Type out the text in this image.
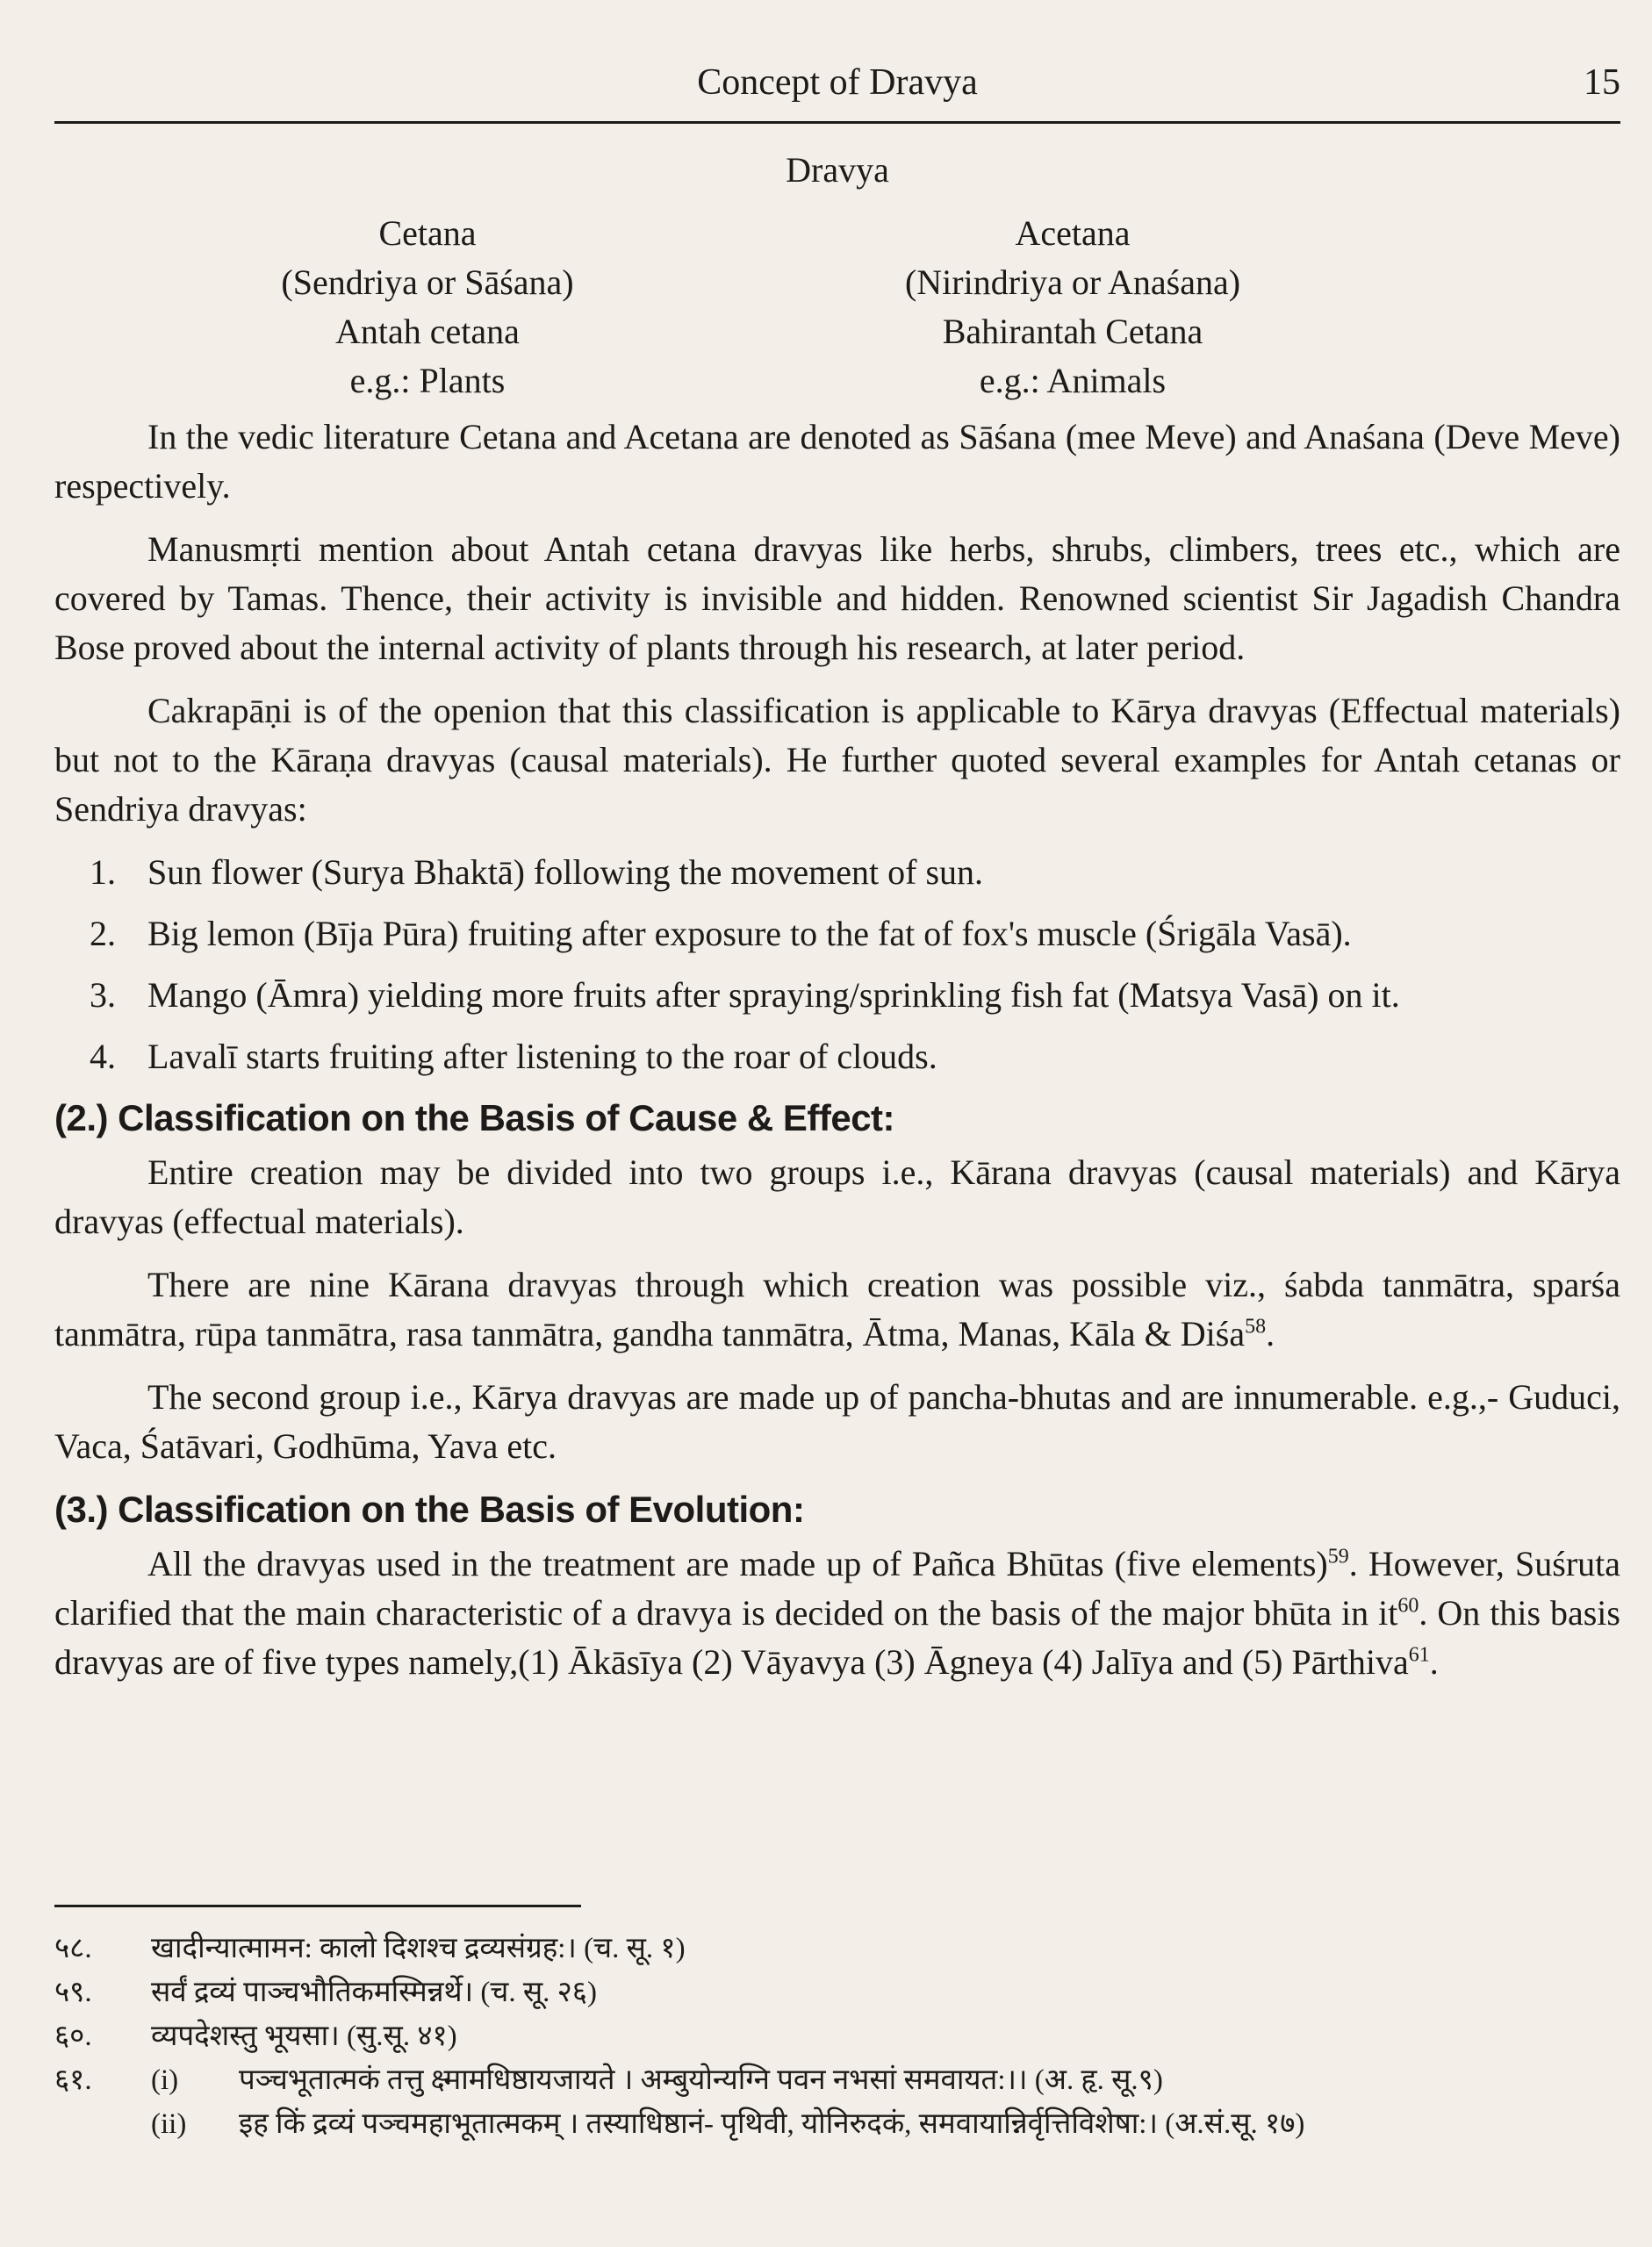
Concept of Dravya	15
Dravya
Cetana
(Sendriya or Sāśana)
Antah cetana
e.g.: Plants
Acetana
(Nirindriya or Anaśana)
Bahirantah Cetana
e.g.: Animals

In the vedic literature Cetana and Acetana are denoted as Sāśana (mee Meve) and Anaśana (Deve Meve) respectively.

Manusmṛti mention about Antah cetana dravyas like herbs, shrubs, climbers, trees etc., which are covered by Tamas. Thence, their activity is invisible and hidden. Renowned scientist Sir Jagadish Chandra Bose proved about the internal activity of plants through his research, at later period.

Cakrapāṇi is of the openion that this classification is applicable to Kārya dravyas (Effectual materials) but not to the Kāraṇa dravyas (causal materials). He further quoted several examples for Antah cetanas or Sendriya dravyas:

1. Sun flower (Surya Bhaktā) following the movement of sun.
2. Big lemon (Bīja Pūra) fruiting after exposure to the fat of fox's muscle (Śrigāla Vasā).
3. Mango (Āmra) yielding more fruits after spraying/sprinkling fish fat (Matsya Vasā) on it.
4. Lavalī starts fruiting after listening to the roar of clouds.
(2.) Classification on the Basis of Cause & Effect:

Entire creation may be divided into two groups i.e., Kārana dravyas (causal materials) and Kārya dravyas (effectual materials).

There are nine Kārana dravyas through which creation was possible viz., śabda tanmātra, sparśa tanmātra, rūpa tanmātra, rasa tanmātra, gandha tanmātra, Ātma, Manas, Kāla & Diśa$^{58}$.

The second group i.e., Kārya dravyas are made up of pancha-bhutas and are innumerable. e.g.,- Guduci, Vaca, Śatāvari, Godhūma, Yava etc.

(3.) Classification on the Basis of Evolution:

All the dravyas used in the treatment are made up of Pañca Bhūtas (five elements)$^{59}$. However, Suśruta clarified that the main characteristic of a dravya is decided on the basis of the major bhūta in $it^{60}$. On this basis dravyas are of five types namely,(1) Ākāsīya (2) Vāyavya (3) Āgneya (4) Jalīya and (5) Pārthiva$^{61}$.

५८. खादीन्यात्मामन: कालो दिशश्च द्रव्यसंग्रह:। (च. सू. १)
५९. सर्वं द्रव्यं पाञ्चभौतिकमस्मिन्नर्थे। (च. सू. २६)
६०. व्यपदेशस्तु भूयसा। (सु.सू. ४१)
६१. (i) पञ्चभूतात्मकं तत्तु क्ष्मामधिष्ठायजायते । अम्बुयोन्यग्नि पवन नभसां समवायत:।। (अ. हृ. सू.९)
(ii) इह किं द्रव्यं पञ्चमहाभूतात्मकम् । तस्याधिष्ठानं- पृथिवी, योनिरुदकं, समवायान्निर्वृत्तिविशेषा:। (अ.सं.सू. १७)
